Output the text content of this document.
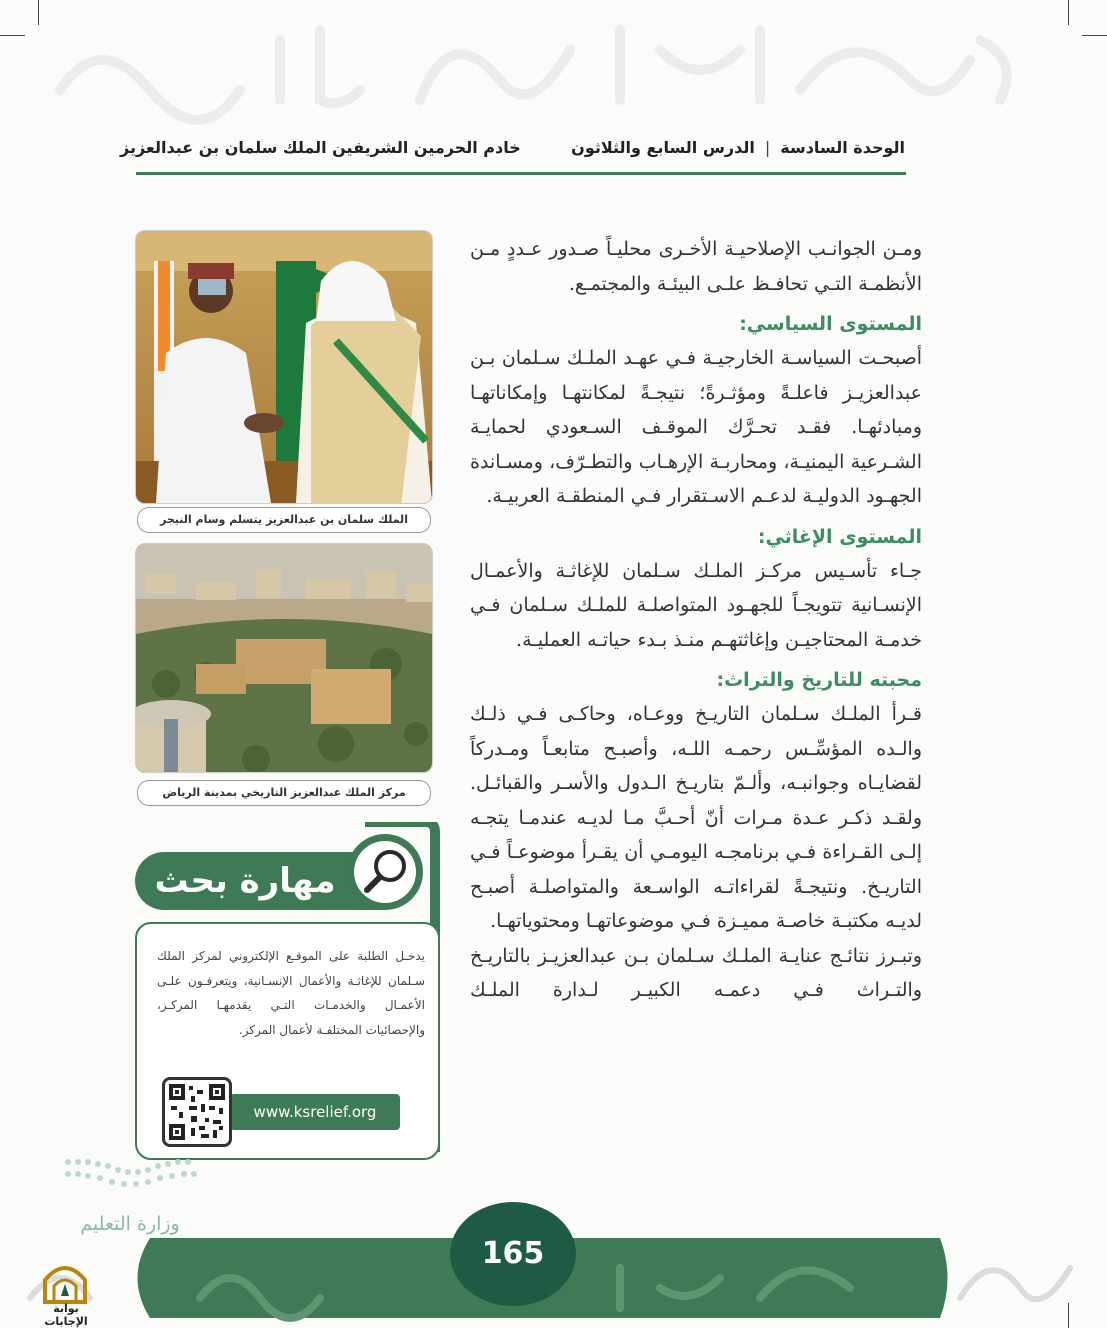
الوحدة السادسة
|
الدرس السابع والثلاثون
خادم الحرمين الشريفين الملك سلمان بن عبدالعزيز

ومـن الجوانـب الإصلاحيـة الأخـرى محليـاً صـدور عـددٍ مـن الأنظمـة التـي تحافـظ علـى البيئـة والمجتمـع.

المستوى السياسي:

أصبحـت السياسـة الخارجيـة فـي عهـد الملـك سـلمان بـن عبدالعزيـز فاعلـةً ومؤثـرةً؛ نتيجـةً لمكانتهـا وإمكاناتهـا ومبادئهـا. فقـد تحـرَّك الموقـف السـعودي لحمايـة الشـرعية اليمنيـة، ومحاربـة الإرهـاب والتطـرّف، ومسـاندة الجهـود الدوليـة لدعـم الاسـتقرار فـي المنطقـة العربيـة.

المستوى الإغاثي:

جـاء تأسـيس مركـز الملـك سـلمان للإغاثـة والأعمـال الإنسـانية تتويجـاً للجهـود المتواصلـة للملـك سـلمان فـي خدمـة المحتاجيـن وإغاثتهـم منـذ بـدء حياتـه العمليـة.

محبته للتاريخ والتراث:

قـرأ الملـك سـلمان التاريـخ ووعـاه، وحاكـى فـي ذلـك والـده المؤسِّـس رحمـه اللـه، وأصبـح متابعـاً ومـدركاً لقضايـاه وجوانبـه، وألـمّ بتاريـخ الـدول والأسـر والقبائـل. ولقـد ذكـر عـدة مـرات أنّ أحـبَّ مـا لديـه عندمـا يتجـه إلـى القـراءة فـي برنامجـه اليومـي أن يقـرأ موضوعـاً فـي التاريـخ. ونتيجـةً لقراءاتـه الواسـعة والمتواصلـة أصبـح لديـه مكتبـة خاصـة مميـزة فـي موضوعاتهـا ومحتوياتهـا.

وتبـرز نتائـج عنايـة الملـك سـلمان بـن عبدالعزيـز بالتاريـخ والتـراث فـي دعمـه الكبيـر لـدارة الملـك

الملك سلمان بن عبدالعزيز يتسلم وسام النيجر
مركز الملك عبدالعزيز التاريخي بمدينة الرياض
مهارة بحث

يدخـل الطلبة على الموقـع الإلكتروني لمركز الملك سـلمان للإغاثـة والأعمال الإنسـانية، ويتعرفـون علـى الأعمـال والخدمـات التـي يقدمهـا المركـز، والإحصائيات المختلفـة لأعمال المركز.

www.ksrelief.org
وزارة التعليم
165
بوابة الإجابات
